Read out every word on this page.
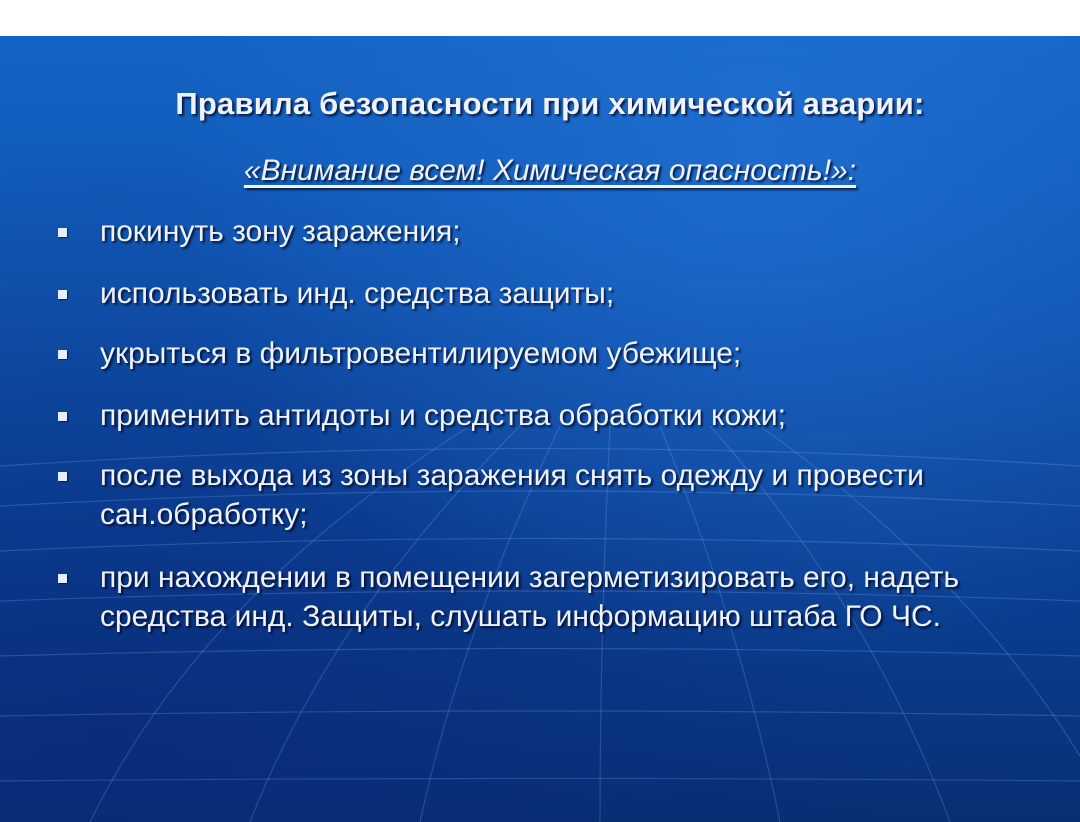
Правила безопасности при химической аварии:
«Внимание всем! Химическая опасность!»:
покинуть зону заражения;
использовать инд. средства защиты;
укрыться в фильтровентилируемом убежище;
применить антидоты и средства обработки кожи;
после выхода из зоны заражения снять одежду и провести сан.обработку;
при нахождении в помещении загерметизировать его, надеть средства инд. Защиты, слушать информацию штаба ГО ЧС.
